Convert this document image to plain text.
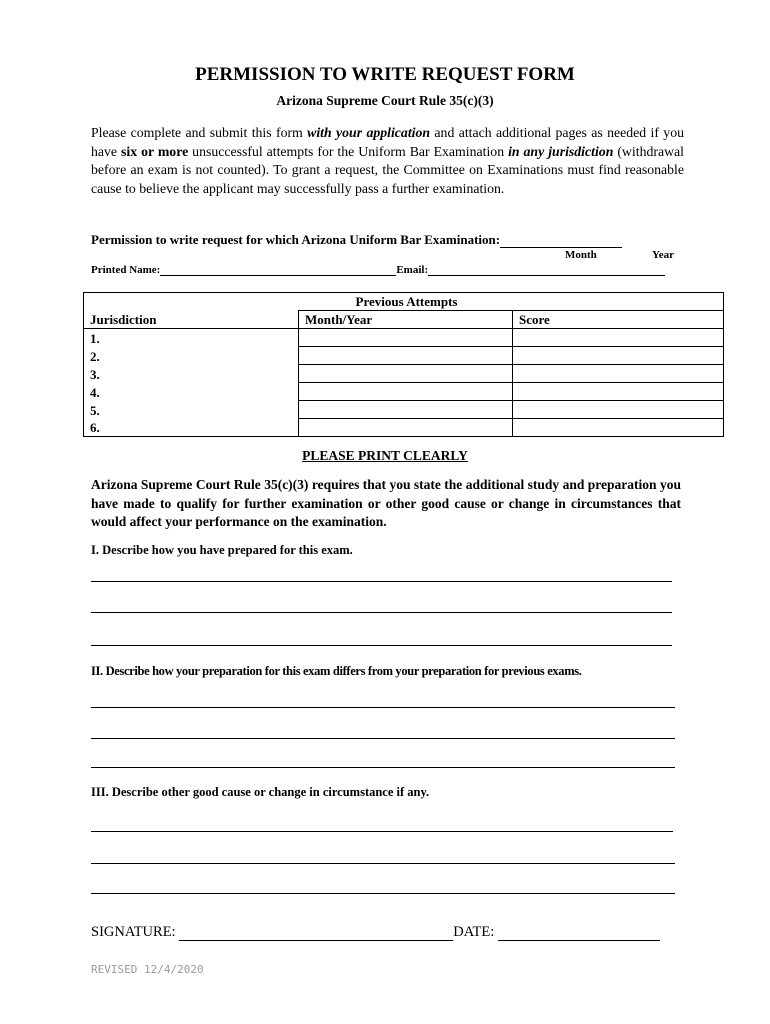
PERMISSION TO WRITE REQUEST FORM
Arizona Supreme Court Rule 35(c)(3)
Please complete and submit this form with your application and attach additional pages as needed if you have six or more unsuccessful attempts for the Uniform Bar Examination in any jurisdiction (withdrawal before an exam is not counted). To grant a request, the Committee on Examinations must find reasonable cause to believe the applicant may successfully pass a further examination.
Permission to write request for which Arizona Uniform Bar Examination:
Month	Year
Printed Name:	Email:
Previous Attempts		
Jurisdiction	Month/Year	Score
1.		
2.		
3.		
4.		
5.		
6.		
PLEASE PRINT CLEARLY
Arizona Supreme Court Rule 35(c)(3) requires that you state the additional study and preparation you have made to qualify for further examination or other good cause or change in circumstances that would affect your performance on the examination.
I. Describe how you have prepared for this exam.
II. Describe how your preparation for this exam differs from your preparation for previous exams.
III. Describe other good cause or change in circumstance if any.
SIGNATURE:	DATE:
REVISED 12/4/2020
